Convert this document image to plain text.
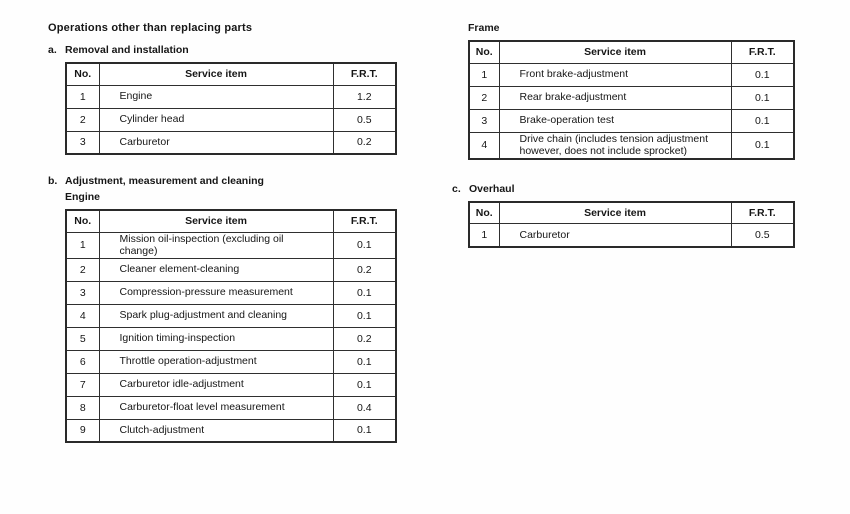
Operations other than replacing parts
a. Removal and installation
No.	Service item	F.R.T.
1	Engine	1.2
2	Cylinder head	0.5
3	Carburetor	0.2
b. Adjustment, measurement and cleaning
Engine
No.	Service item	F.R.T.
1	Mission oil-inspection (excluding oil change)	0.1
2	Cleaner element-cleaning	0.2
3	Compression-pressure measurement	0.1
4	Spark plug-adjustment and cleaning	0.1
5	Ignition timing-inspection	0.2
6	Throttle operation-adjustment	0.1
7	Carburetor idle-adjustment	0.1
8	Carburetor-float level measurement	0.4
9	Clutch-adjustment	0.1
Frame
No.	Service item	F.R.T.
1	Front brake-adjustment	0.1
2	Rear brake-adjustment	0.1
3	Brake-operation test	0.1
4	Drive chain (includes tension adjustment however, does not include sprocket)	0.1
c. Overhaul
No.	Service item	F.R.T.
1	Carburetor	0.5
